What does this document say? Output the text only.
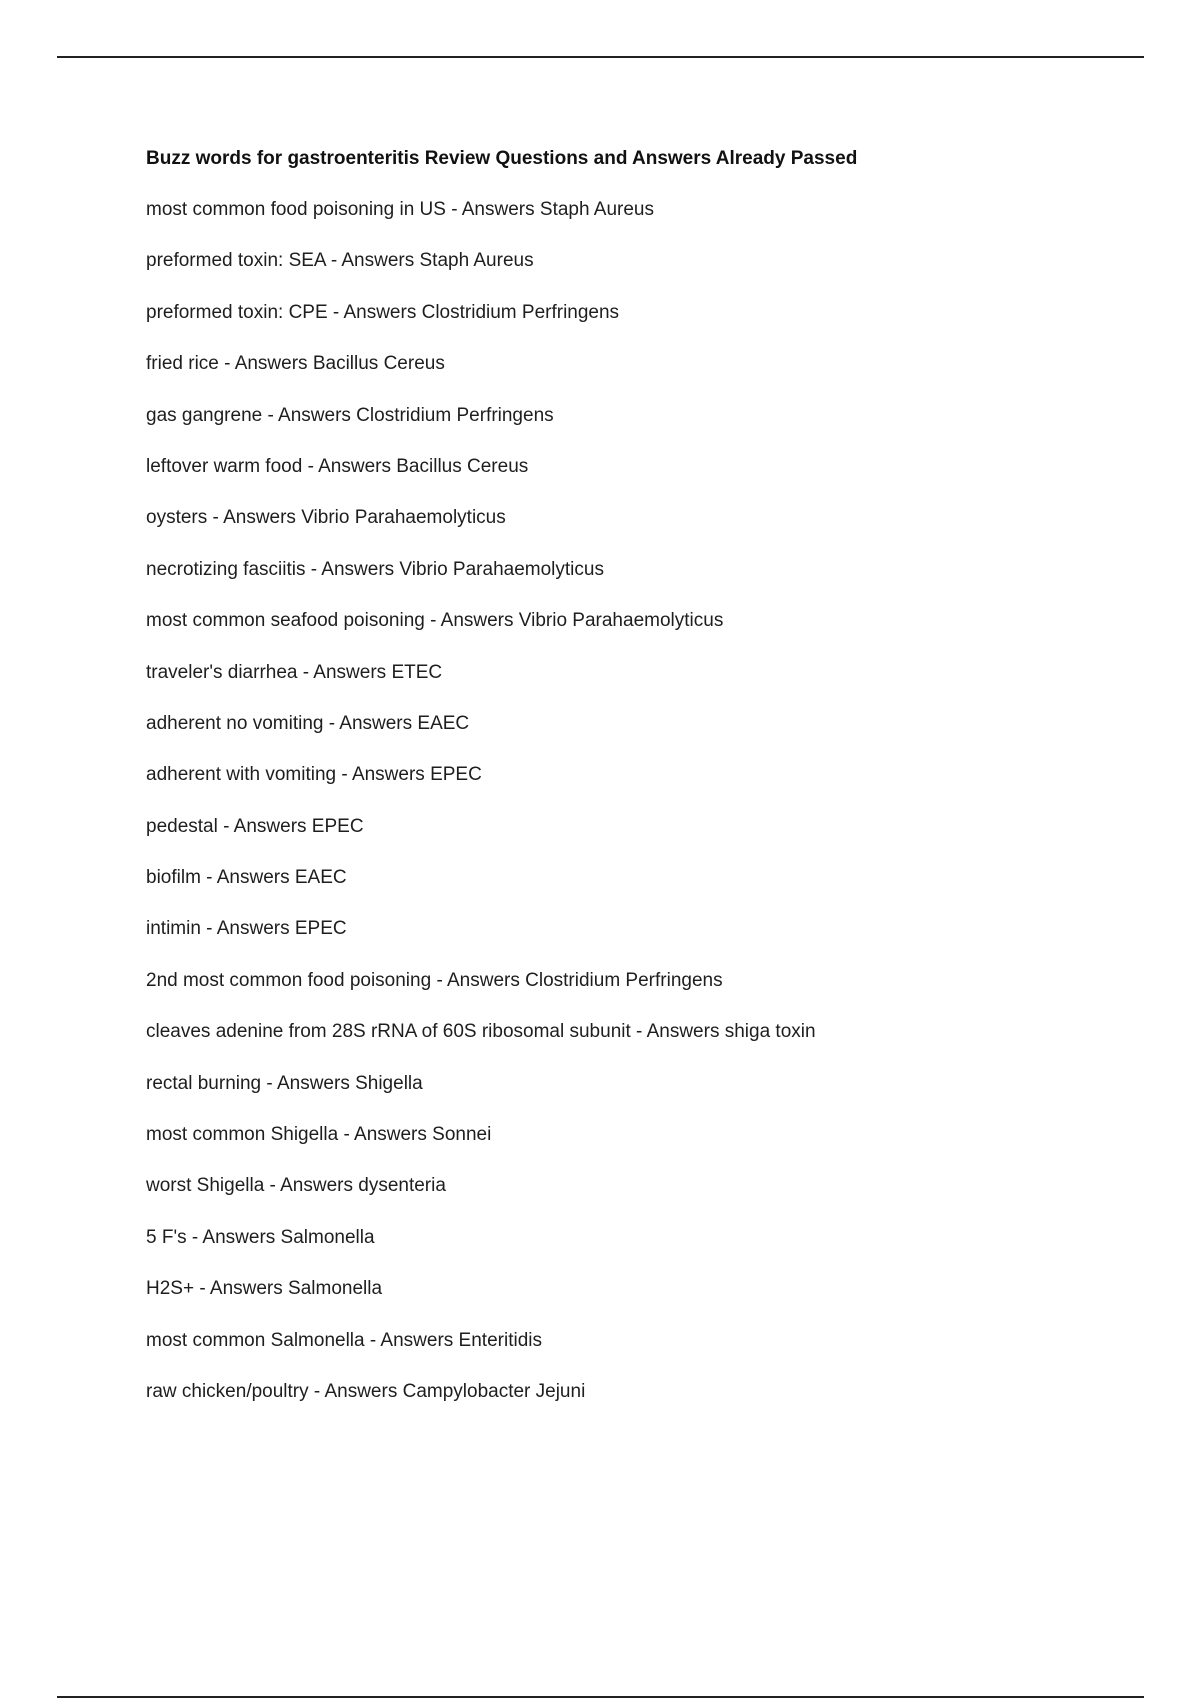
Buzz words for gastroenteritis Review Questions and Answers Already Passed
most common food poisoning in US - Answers Staph Aureus
preformed toxin: SEA - Answers Staph Aureus
preformed toxin: CPE - Answers Clostridium Perfringens
fried rice - Answers Bacillus Cereus
gas gangrene - Answers Clostridium Perfringens
leftover warm food - Answers Bacillus Cereus
oysters - Answers Vibrio Parahaemolyticus
necrotizing fasciitis - Answers Vibrio Parahaemolyticus
most common seafood poisoning - Answers Vibrio Parahaemolyticus
traveler's diarrhea - Answers ETEC
adherent no vomiting - Answers EAEC
adherent with vomiting - Answers EPEC
pedestal - Answers EPEC
biofilm - Answers EAEC
intimin - Answers EPEC
2nd most common food poisoning - Answers Clostridium Perfringens
cleaves adenine from 28S rRNA of 60S ribosomal subunit - Answers shiga toxin
rectal burning - Answers Shigella
most common Shigella - Answers Sonnei
worst Shigella - Answers dysenteria
5 F's - Answers Salmonella
H2S+ - Answers Salmonella
most common Salmonella - Answers Enteritidis
raw chicken/poultry - Answers Campylobacter Jejuni
